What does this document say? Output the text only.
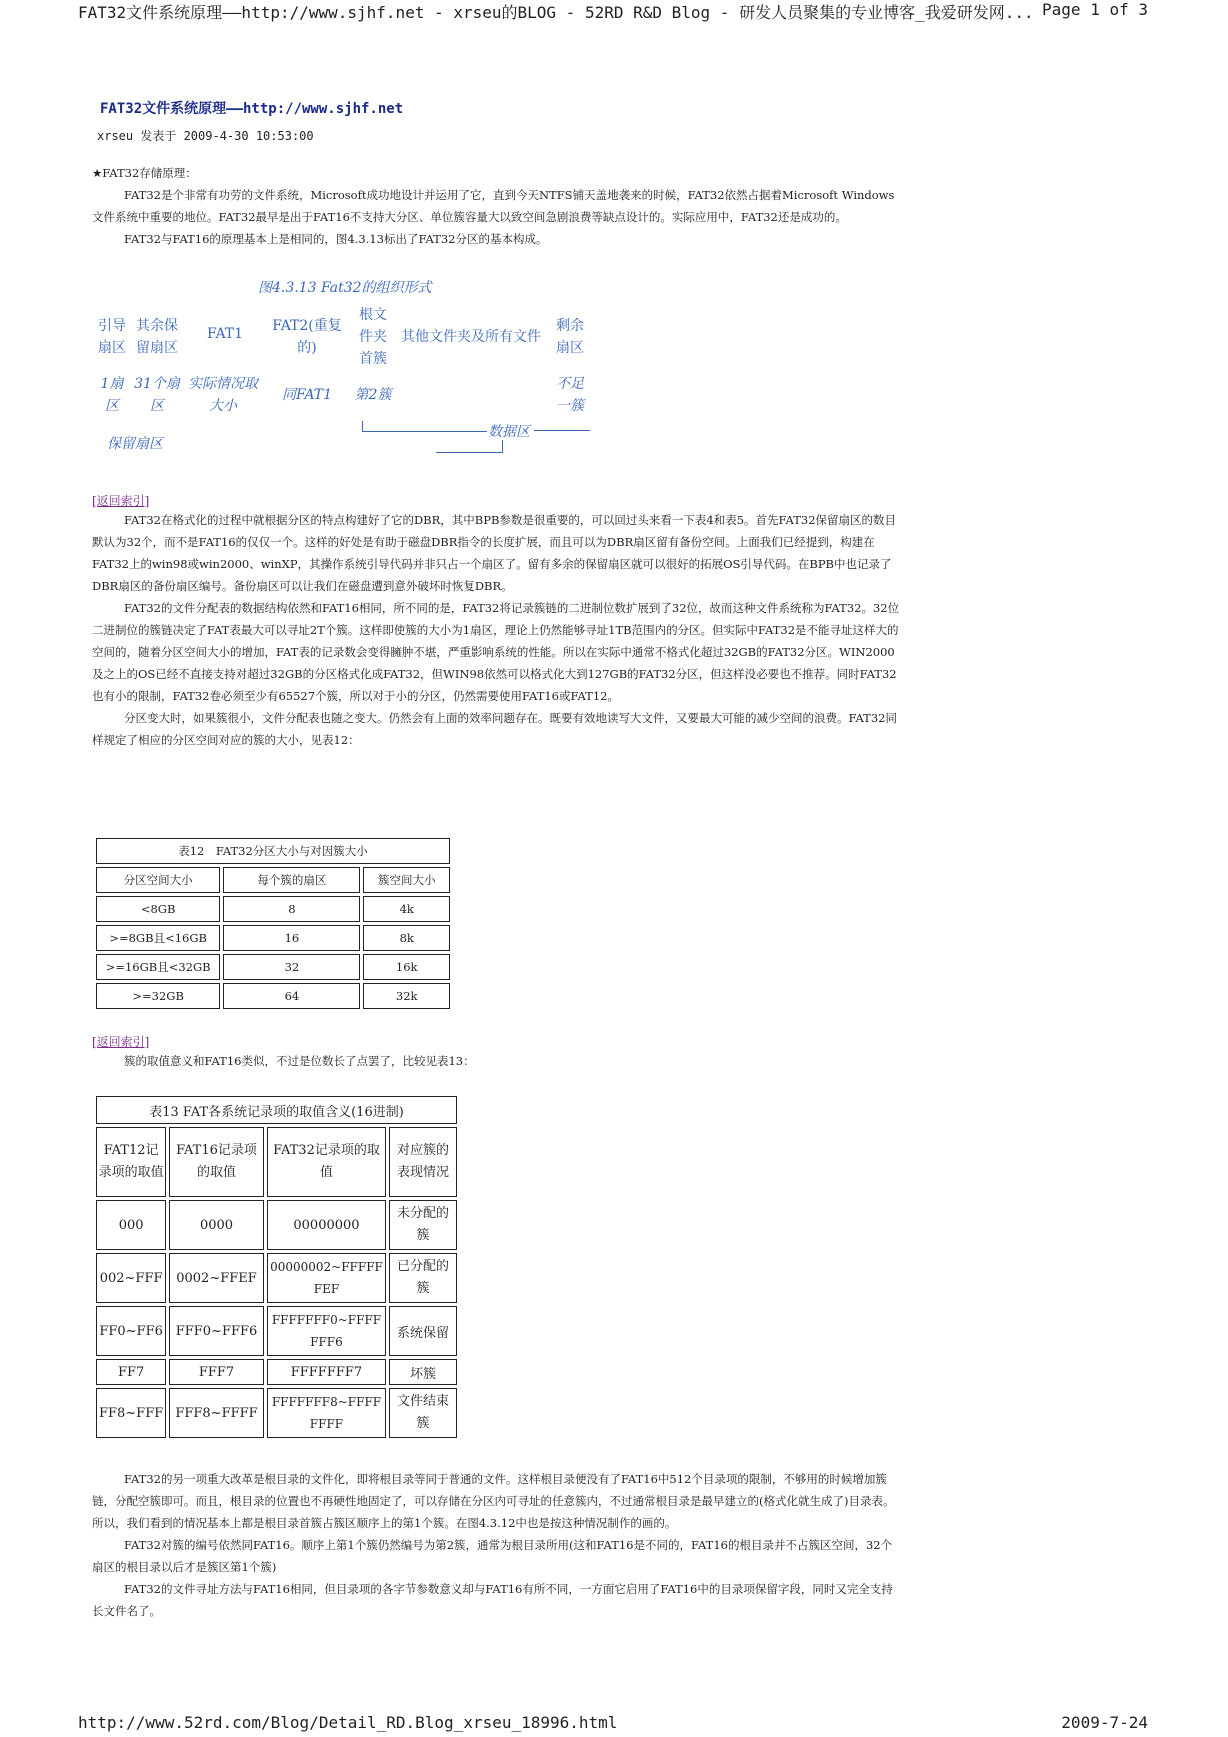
FAT32文件系统原理——http://www.sjhf.net - xrseu的BLOG - 52RD R&D Blog - 研发人员聚集的专业博客_我爱研发网... Page 1 of 3
FAT32文件系统原理——http://www.sjhf.net
xrseu 发表于 2009-4-30 10:53:00

★FAT32存储原理：

FAT32是个非常有功劳的文件系统，Microsoft成功地设计并运用了它，直到今天NTFS铺天盖地袭来的时候，FAT32依然占据着Microsoft Windows文件系统中重要的地位。FAT32最早是出于FAT16不支持大分区、单位簇容量大以致空间急剧浪费等缺点设计的。实际应用中，FAT32还是成功的。

FAT32与FAT16的原理基本上是相同的，图4.3.13标出了FAT32分区的基本构成。

图4.3.13 Fat32的组织形式
引导扇区
其余保留扇区
FAT1	FAT2(重复的)
根文件夹首簇
其他文件夹及所有文件
剩余扇区
1扇区
31个扇区
实际情况取大小
同FAT1	第2簇
不足一簇
数据区
保留扇区
[返回索引]

FAT32在格式化的过程中就根据分区的特点构建好了它的DBR，其中BPB参数是很重要的，可以回过头来看一下表4和表5。首先FAT32保留扇区的数目默认为32个，而不是FAT16的仅仅一个。这样的好处是有助于磁盘DBR指令的长度扩展，而且可以为DBR扇区留有备份空间。上面我们已经提到，构建在FAT32上的win98或win2000、winXP，其操作系统引导代码并非只占一个扇区了。留有多余的保留扇区就可以很好的拓展OS引导代码。在BPB中也记录了DBR扇区的备份扇区编号。备份扇区可以让我们在磁盘遭到意外破坏时恢复DBR。

FAT32的文件分配表的数据结构依然和FAT16相同，所不同的是，FAT32将记录簇链的二进制位数扩展到了32位，故而这种文件系统称为FAT32。32位二进制位的簇链决定了FAT表最大可以寻址2T个簇。这样即使簇的大小为1扇区，理论上仍然能够寻址1TB范围内的分区。但实际中FAT32是不能寻址这样大的空间的，随着分区空间大小的增加，FAT表的记录数会变得臃肿不堪，严重影响系统的性能。所以在实际中通常不格式化超过32GB的FAT32分区。WIN2000及之上的OS已经不直接支持对超过32GB的分区格式化成FAT32，但WIN98依然可以格式化大到127GB的FAT32分区，但这样没必要也不推荐。同时FAT32也有小的限制，FAT32卷必须至少有65527个簇，所以对于小的分区，仍然需要使用FAT16或FAT12。

分区变大时，如果簇很小，文件分配表也随之变大。仍然会有上面的效率问题存在。既要有效地读写大文件，又要最大可能的减少空间的浪费。FAT32同样规定了相应的分区空间对应的簇的大小，见表12：

表12　FAT32分区大小与对因簇大小		
分区空间大小	每个簇的扇区	簇空间大小
<8GB	8	4k
>=8GB且<16GB	16	8k
>=16GB且<32GB	32	16k
>=32GB	64	32k
[返回索引]

簇的取值意义和FAT16类似，不过是位数长了点罢了，比较见表13：

表13 FAT各系统记录项的取值含义(16进制)			
FAT12记录项的取值	FAT16记录项的取值	FAT32记录项的取值	对应簇的表现情况
000	0000	00000000	未分配的簇
002~FFF	0002~FFEF	00000002~FFFFFFEF	已分配的簇
FF0~FF6	FFF0~FFF6	FFFFFFF0~FFFFFFF6	系统保留
FF7	FFF7	FFFFFFF7	坏簇
FF8~FFF	FFF8~FFFF	FFFFFFF8~FFFFFFFF	文件结束簇

FAT32的另一项重大改革是根目录的文件化，即将根目录等同于普通的文件。这样根目录便没有了FAT16中512个目录项的限制，不够用的时候增加簇链，分配空簇即可。而且，根目录的位置也不再硬性地固定了，可以存储在分区内可寻址的任意簇内，不过通常根目录是最早建立的(格式化就生成了)目录表。所以，我们看到的情况基本上都是根目录首簇占簇区顺序上的第1个簇。在图4.3.12中也是按这种情况制作的画的。

FAT32对簇的编号依然同FAT16。顺序上第1个簇仍然编号为第2簇，通常为根目录所用(这和FAT16是不同的，FAT16的根目录并不占簇区空间，32个扇区的根目录以后才是簇区第1个簇)

FAT32的文件寻址方法与FAT16相同，但目录项的各字节参数意义却与FAT16有所不同，一方面它启用了FAT16中的目录项保留字段，同时又完全支持长文件名了。

http://www.52rd.com/Blog/Detail_RD.Blog_xrseu_18996.html	2009-7-24
